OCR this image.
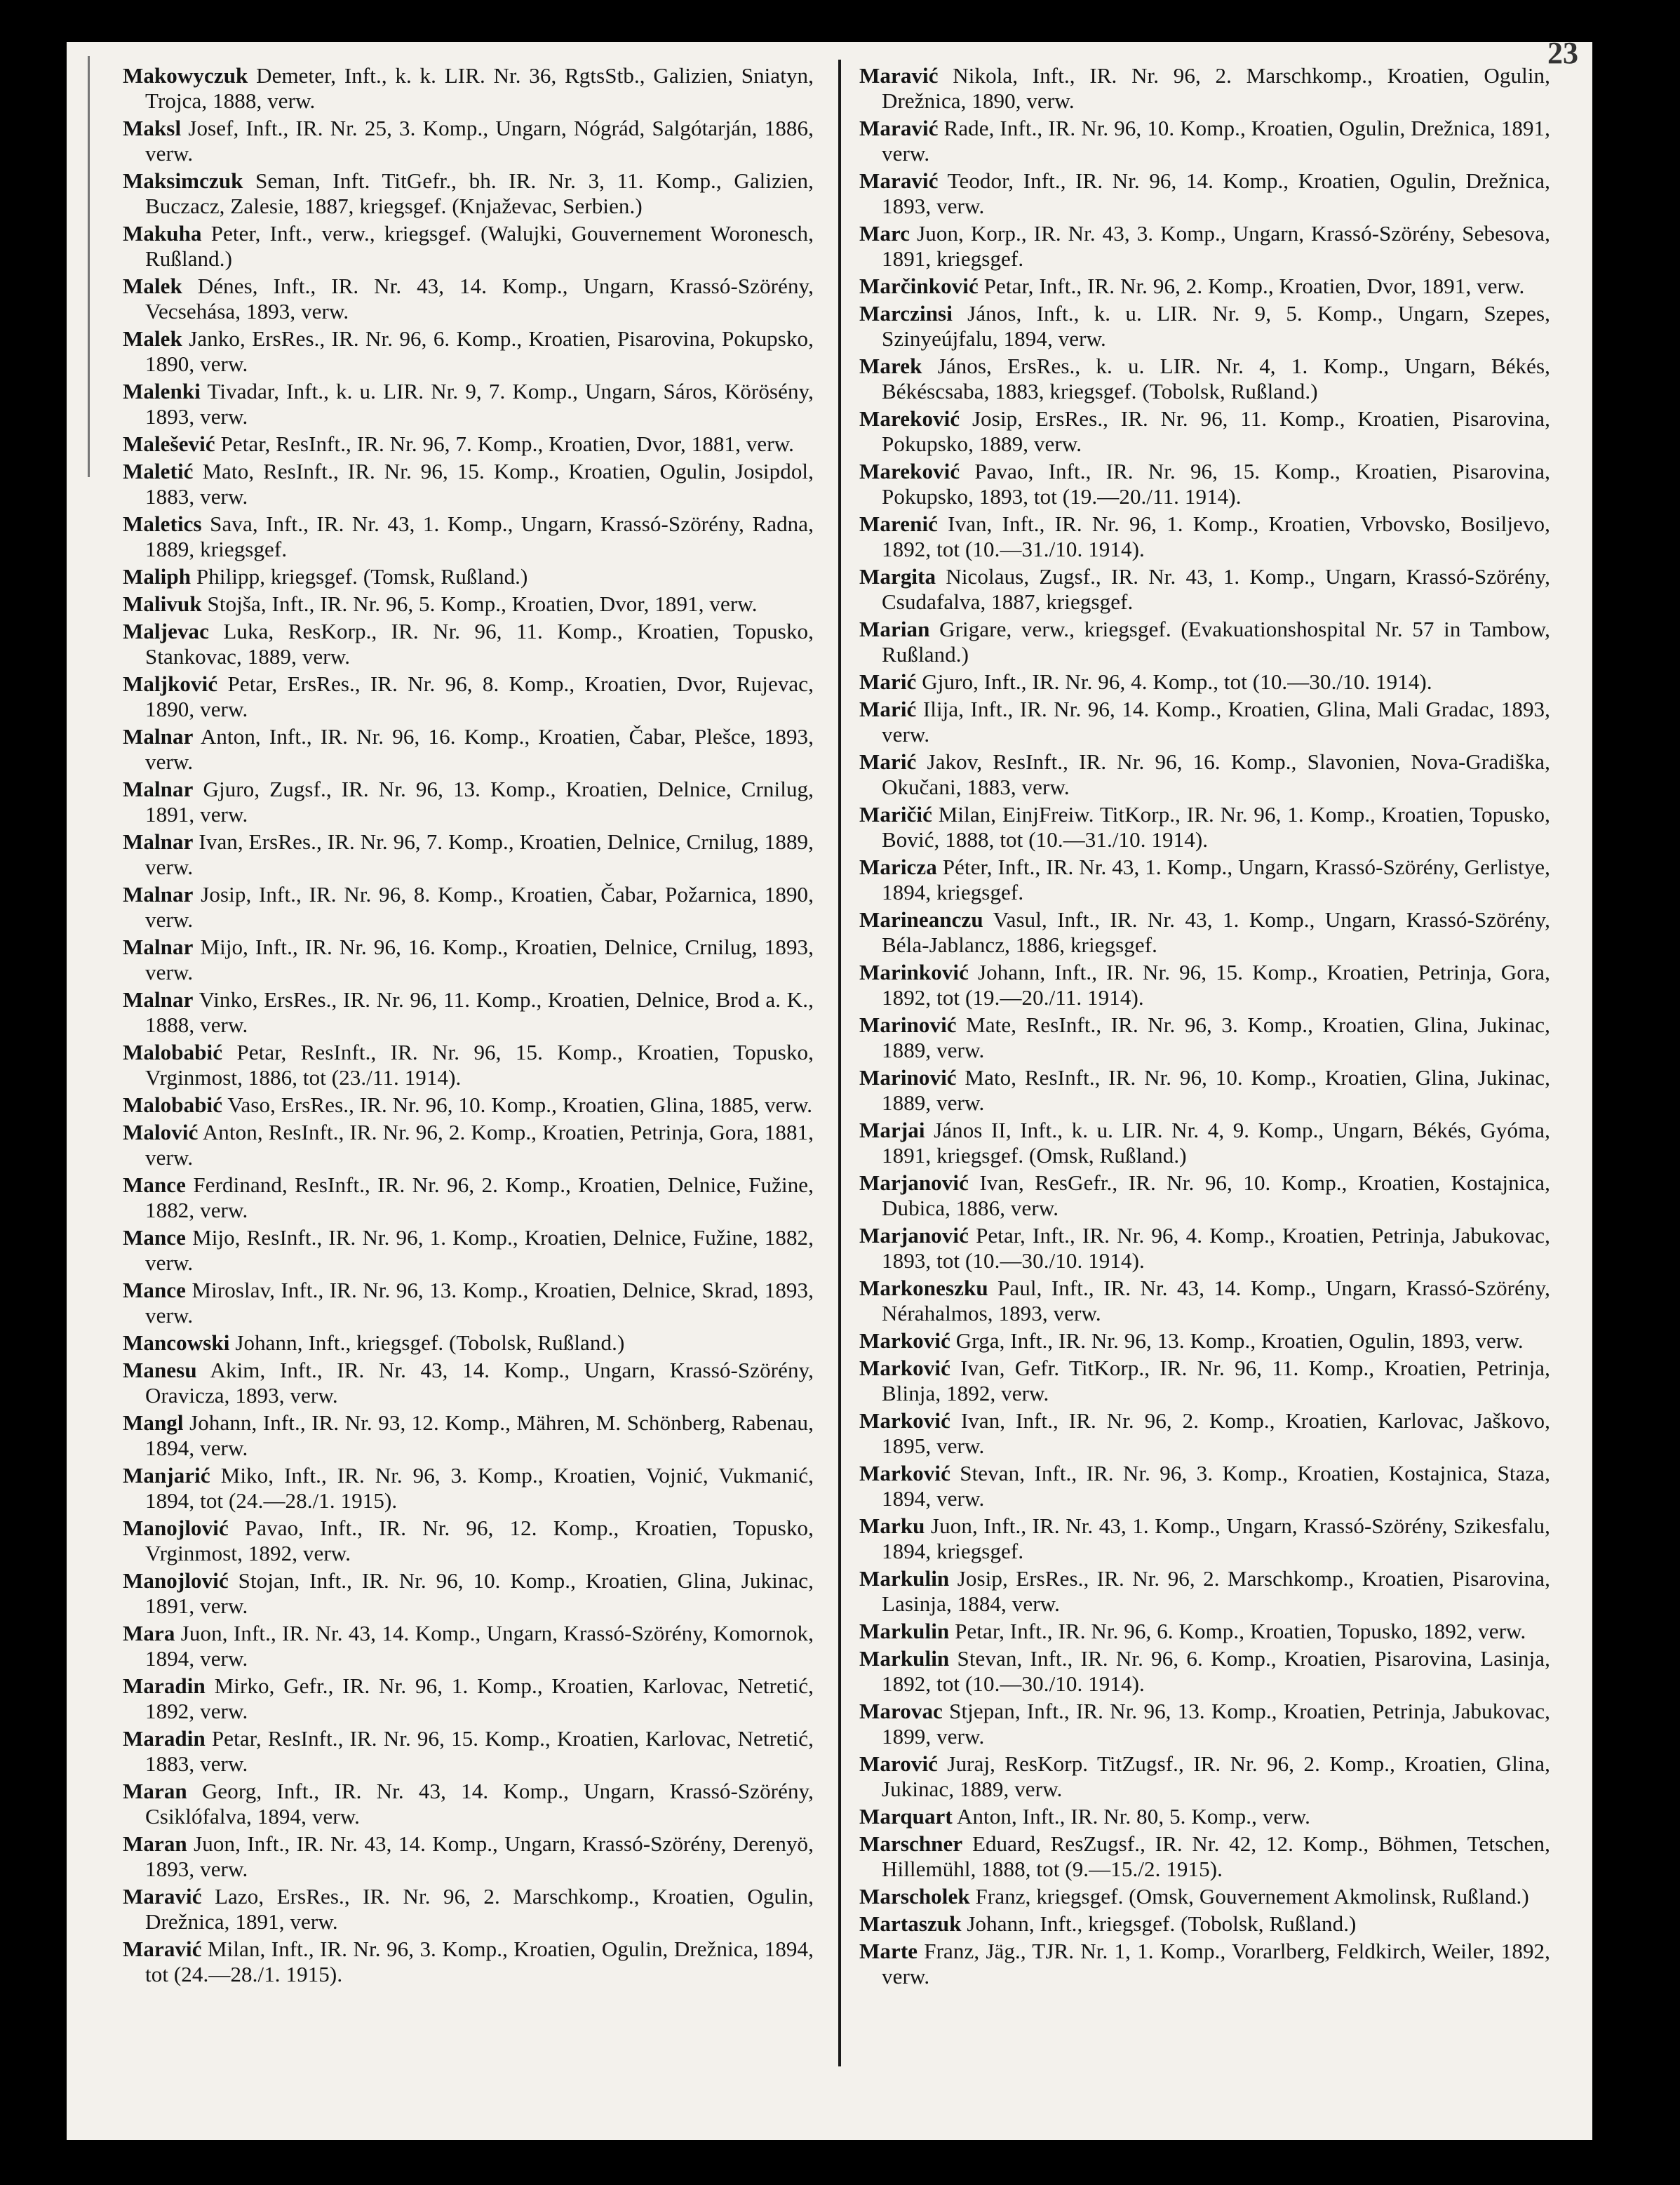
23

Makowyczuk Demeter, Inft., k. k. LIR. Nr. 36, RgtsStb., Galizien, Sniatyn, Trojca, 1888, verw.

Maksl Josef, Inft., IR. Nr. 25, 3. Komp., Ungarn, Nógrád, Salgótarján, 1886, verw.

Maksimczuk Seman, Inft. TitGefr., bh. IR. Nr. 3, 11. Komp., Galizien, Buczacz, Zalesie, 1887, kriegsgef. (Knjaževac, Serbien.)

Makuha Peter, Inft., verw., kriegsgef. (Walujki, Gouvernement Woronesch, Rußland.)

Malek Dénes, Inft., IR. Nr. 43, 14. Komp., Ungarn, Krassó-Szörény, Vecsehása, 1893, verw.

Malek Janko, ErsRes., IR. Nr. 96, 6. Komp., Kroatien, Pisarovina, Pokupsko, 1890, verw.

Malenki Tivadar, Inft., k. u. LIR. Nr. 9, 7. Komp., Ungarn, Sáros, Körösény, 1893, verw.

Malešević Petar, ResInft., IR. Nr. 96, 7. Komp., Kroatien, Dvor, 1881, verw.

Maletić Mato, ResInft., IR. Nr. 96, 15. Komp., Kroatien, Ogulin, Josipdol, 1883, verw.

Maletics Sava, Inft., IR. Nr. 43, 1. Komp., Ungarn, Krassó-Szörény, Radna, 1889, kriegsgef.

Maliph Philipp, kriegsgef. (Tomsk, Rußland.)

Malivuk Stojša, Inft., IR. Nr. 96, 5. Komp., Kroatien, Dvor, 1891, verw.

Maljevac Luka, ResKorp., IR. Nr. 96, 11. Komp., Kroatien, Topusko, Stankovac, 1889, verw.

Maljković Petar, ErsRes., IR. Nr. 96, 8. Komp., Kroatien, Dvor, Rujevac, 1890, verw.

Malnar Anton, Inft., IR. Nr. 96, 16. Komp., Kroatien, Čabar, Plešce, 1893, verw.

Malnar Gjuro, Zugsf., IR. Nr. 96, 13. Komp., Kroatien, Delnice, Crnilug, 1891, verw.

Malnar Ivan, ErsRes., IR. Nr. 96, 7. Komp., Kroatien, Delnice, Crnilug, 1889, verw.

Malnar Josip, Inft., IR. Nr. 96, 8. Komp., Kroatien, Čabar, Požarnica, 1890, verw.

Malnar Mijo, Inft., IR. Nr. 96, 16. Komp., Kroatien, Delnice, Crnilug, 1893, verw.

Malnar Vinko, ErsRes., IR. Nr. 96, 11. Komp., Kroatien, Delnice, Brod a. K., 1888, verw.

Malobabić Petar, ResInft., IR. Nr. 96, 15. Komp., Kroatien, Topusko, Vrginmost, 1886, tot (23./11. 1914).

Malobabić Vaso, ErsRes., IR. Nr. 96, 10. Komp., Kroatien, Glina, 1885, verw.

Malović Anton, ResInft., IR. Nr. 96, 2. Komp., Kroatien, Petrinja, Gora, 1881, verw.

Mance Ferdinand, ResInft., IR. Nr. 96, 2. Komp., Kroatien, Delnice, Fužine, 1882, verw.

Mance Mijo, ResInft., IR. Nr. 96, 1. Komp., Kroatien, Delnice, Fužine, 1882, verw.

Mance Miroslav, Inft., IR. Nr. 96, 13. Komp., Kroatien, Delnice, Skrad, 1893, verw.

Mancowski Johann, Inft., kriegsgef. (Tobolsk, Rußland.)

Manesu Akim, Inft., IR. Nr. 43, 14. Komp., Ungarn, Krassó-Szörény, Oravicza, 1893, verw.

Mangl Johann, Inft., IR. Nr. 93, 12. Komp., Mähren, M. Schönberg, Rabenau, 1894, verw.

Manjarić Miko, Inft., IR. Nr. 96, 3. Komp., Kroatien, Vojnić, Vukmanić, 1894, tot (24.—28./1. 1915).

Manojlović Pavao, Inft., IR. Nr. 96, 12. Komp., Kroatien, Topusko, Vrginmost, 1892, verw.

Manojlović Stojan, Inft., IR. Nr. 96, 10. Komp., Kroatien, Glina, Jukinac, 1891, verw.

Mara Juon, Inft., IR. Nr. 43, 14. Komp., Ungarn, Krassó-Szörény, Komornok, 1894, verw.

Maradin Mirko, Gefr., IR. Nr. 96, 1. Komp., Kroatien, Karlovac, Netretić, 1892, verw.

Maradin Petar, ResInft., IR. Nr. 96, 15. Komp., Kroatien, Karlovac, Netretić, 1883, verw.

Maran Georg, Inft., IR. Nr. 43, 14. Komp., Ungarn, Krassó-Szörény, Csiklófalva, 1894, verw.

Maran Juon, Inft., IR. Nr. 43, 14. Komp., Ungarn, Krassó-Szörény, Derenyö, 1893, verw.

Maravić Lazo, ErsRes., IR. Nr. 96, 2. Marschkomp., Kroatien, Ogulin, Drežnica, 1891, verw.

Maravić Milan, Inft., IR. Nr. 96, 3. Komp., Kroatien, Ogulin, Drežnica, 1894, tot (24.—28./1. 1915).

Maravić Nikola, Inft., IR. Nr. 96, 2. Marschkomp., Kroatien, Ogulin, Drežnica, 1890, verw.

Maravić Rade, Inft., IR. Nr. 96, 10. Komp., Kroatien, Ogulin, Drežnica, 1891, verw.

Maravić Teodor, Inft., IR. Nr. 96, 14. Komp., Kroatien, Ogulin, Drežnica, 1893, verw.

Marc Juon, Korp., IR. Nr. 43, 3. Komp., Ungarn, Krassó-Szörény, Sebesova, 1891, kriegsgef.

Marčinković Petar, Inft., IR. Nr. 96, 2. Komp., Kroatien, Dvor, 1891, verw.

Marczinsi János, Inft., k. u. LIR. Nr. 9, 5. Komp., Ungarn, Szepes, Szinyeújfalu, 1894, verw.

Marek János, ErsRes., k. u. LIR. Nr. 4, 1. Komp., Ungarn, Békés, Békéscsaba, 1883, kriegsgef. (Tobolsk, Rußland.)

Mareković Josip, ErsRes., IR. Nr. 96, 11. Komp., Kroatien, Pisarovina, Pokupsko, 1889, verw.

Mareković Pavao, Inft., IR. Nr. 96, 15. Komp., Kroatien, Pisarovina, Pokupsko, 1893, tot (19.—20./11. 1914).

Marenić Ivan, Inft., IR. Nr. 96, 1. Komp., Kroatien, Vrbovsko, Bosiljevo, 1892, tot (10.—31./10. 1914).

Margita Nicolaus, Zugsf., IR. Nr. 43, 1. Komp., Ungarn, Krassó-Szörény, Csudafalva, 1887, kriegsgef.

Marian Grigare, verw., kriegsgef. (Evakuationshospital Nr. 57 in Tambow, Rußland.)

Marić Gjuro, Inft., IR. Nr. 96, 4. Komp., tot (10.—30./10. 1914).

Marić Ilija, Inft., IR. Nr. 96, 14. Komp., Kroatien, Glina, Mali Gradac, 1893, verw.

Marić Jakov, ResInft., IR. Nr. 96, 16. Komp., Slavonien, Nova-Gradiška, Okučani, 1883, verw.

Maričić Milan, EinjFreiw. TitKorp., IR. Nr. 96, 1. Komp., Kroatien, Topusko, Bović, 1888, tot (10.—31./10. 1914).

Maricza Péter, Inft., IR. Nr. 43, 1. Komp., Ungarn, Krassó-Szörény, Gerlistye, 1894, kriegsgef.

Marineanczu Vasul, Inft., IR. Nr. 43, 1. Komp., Ungarn, Krassó-Szörény, Béla-Jablancz, 1886, kriegsgef.

Marinković Johann, Inft., IR. Nr. 96, 15. Komp., Kroatien, Petrinja, Gora, 1892, tot (19.—20./11. 1914).

Marinović Mate, ResInft., IR. Nr. 96, 3. Komp., Kroatien, Glina, Jukinac, 1889, verw.

Marinović Mato, ResInft., IR. Nr. 96, 10. Komp., Kroatien, Glina, Jukinac, 1889, verw.

Marjai János II, Inft., k. u. LIR. Nr. 4, 9. Komp., Ungarn, Békés, Gyóma, 1891, kriegsgef. (Omsk, Rußland.)

Marjanović Ivan, ResGefr., IR. Nr. 96, 10. Komp., Kroatien, Kostajnica, Dubica, 1886, verw.

Marjanović Petar, Inft., IR. Nr. 96, 4. Komp., Kroatien, Petrinja, Jabukovac, 1893, tot (10.—30./10. 1914).

Markoneszku Paul, Inft., IR. Nr. 43, 14. Komp., Ungarn, Krassó-Szörény, Nérahalmos, 1893, verw.

Marković Grga, Inft., IR. Nr. 96, 13. Komp., Kroatien, Ogulin, 1893, verw.

Marković Ivan, Gefr. TitKorp., IR. Nr. 96, 11. Komp., Kroatien, Petrinja, Blinja, 1892, verw.

Marković Ivan, Inft., IR. Nr. 96, 2. Komp., Kroatien, Karlovac, Jaškovo, 1895, verw.

Marković Stevan, Inft., IR. Nr. 96, 3. Komp., Kroatien, Kostajnica, Staza, 1894, verw.

Marku Juon, Inft., IR. Nr. 43, 1. Komp., Ungarn, Krassó-Szörény, Szikesfalu, 1894, kriegsgef.

Markulin Josip, ErsRes., IR. Nr. 96, 2. Marschkomp., Kroatien, Pisarovina, Lasinja, 1884, verw.

Markulin Petar, Inft., IR. Nr. 96, 6. Komp., Kroatien, Topusko, 1892, verw.

Markulin Stevan, Inft., IR. Nr. 96, 6. Komp., Kroatien, Pisarovina, Lasinja, 1892, tot (10.—30./10. 1914).

Marovac Stjepan, Inft., IR. Nr. 96, 13. Komp., Kroatien, Petrinja, Jabukovac, 1899, verw.

Marović Juraj, ResKorp. TitZugsf., IR. Nr. 96, 2. Komp., Kroatien, Glina, Jukinac, 1889, verw.

Marquart Anton, Inft., IR. Nr. 80, 5. Komp., verw.

Marschner Eduard, ResZugsf., IR. Nr. 42, 12. Komp., Böhmen, Tetschen, Hillemühl, 1888, tot (9.—15./2. 1915).

Marscholek Franz, kriegsgef. (Omsk, Gouvernement Akmolinsk, Rußland.)

Martaszuk Johann, Inft., kriegsgef. (Tobolsk, Rußland.)

Marte Franz, Jäg., TJR. Nr. 1, 1. Komp., Vorarlberg, Feldkirch, Weiler, 1892, verw.
